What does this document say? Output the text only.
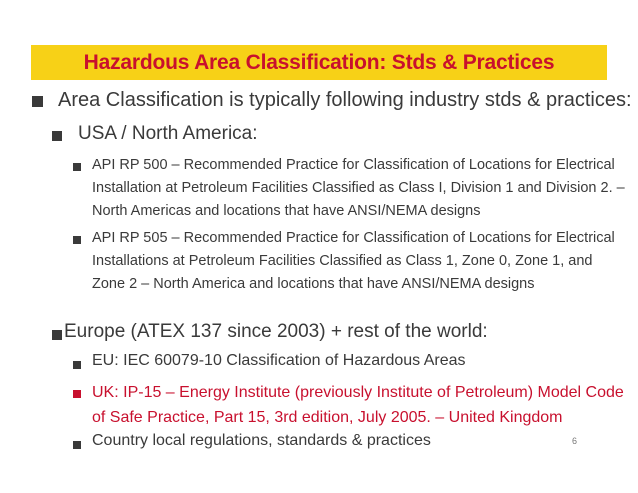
Hazardous Area Classification: Stds & Practices
Area Classification is typically following industry stds & practices:
USA / North America:
API RP 500 – Recommended Practice for Classification of Locations for Electrical
Installation at Petroleum Facilities Classified as Class I, Division 1 and Division 2. –
North Americas and locations that have ANSI/NEMA designs
API RP 505 – Recommended Practice for Classification of Locations for Electrical
Installations at Petroleum Facilities Classified as Class 1, Zone 0, Zone 1, and
Zone 2 – North America and locations that have ANSI/NEMA designs
Europe (ATEX 137 since 2003) + rest of the world:
EU: IEC 60079-10 Classification of Hazardous Areas
UK: IP-15 – Energy Institute (previously Institute of Petroleum) Model Code
of Safe Practice, Part 15, 3rd edition, July 2005. – United Kingdom
Country local regulations, standards & practices	6
